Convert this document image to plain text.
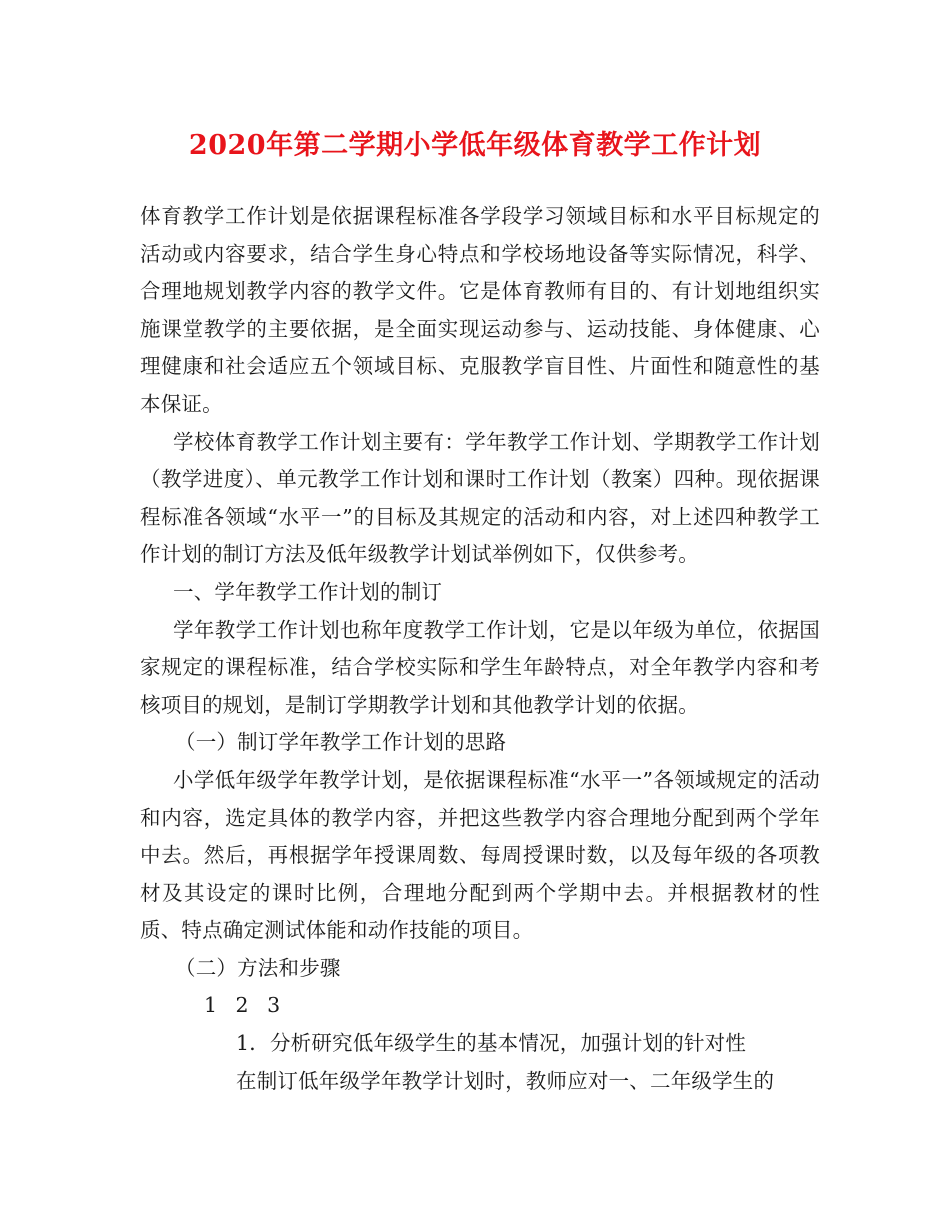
2020年第二学期小学低年级体育教学工作计划

体育教学工作计划是依据课程标准各学段学习领域目标和水平目标规定的活动或内容要求，结合学生身心特点和学校场地设备等实际情况，科学、合理地规划教学内容的教学文件。它是体育教师有目的、有计划地组织实施课堂教学的主要依据，是全面实现运动参与、运动技能、身体健康、心理健康和社会适应五个领域目标、克服教学盲目性、片面性和随意性的基本保证。

学校体育教学工作计划主要有：学年教学工作计划、学期教学工作计划（教学进度）、单元教学工作计划和课时工作计划（教案）四种。现依据课程标准各领域“水平一”的目标及其规定的活动和内容，对上述四种教学工作计划的制订方法及低年级教学计划试举例如下，仅供参考。

一、学年教学工作计划的制订

学年教学工作计划也称年度教学工作计划，它是以年级为单位，依据国家规定的课程标准，结合学校实际和学生年龄特点，对全年教学内容和考核项目的规划，是制订学期教学计划和其他教学计划的依据。

（一）制订学年教学工作计划的思路

小学低年级学年教学计划，是依据课程标准“水平一”各领域规定的活动和内容，选定具体的教学内容，并把这些教学内容合理地分配到两个学年中去。然后，再根据学年授课周数、每周授课时数，以及每年级的各项教材及其设定的课时比例，合理地分配到两个学期中去。并根据教材的性质、特点确定测试体能和动作技能的项目。

（二）方法和步骤

1 2 3

1．分析研究低年级学生的基本情况，加强计划的针对性

在制订低年级学年教学计划时，教师应对一、二年级学生的
